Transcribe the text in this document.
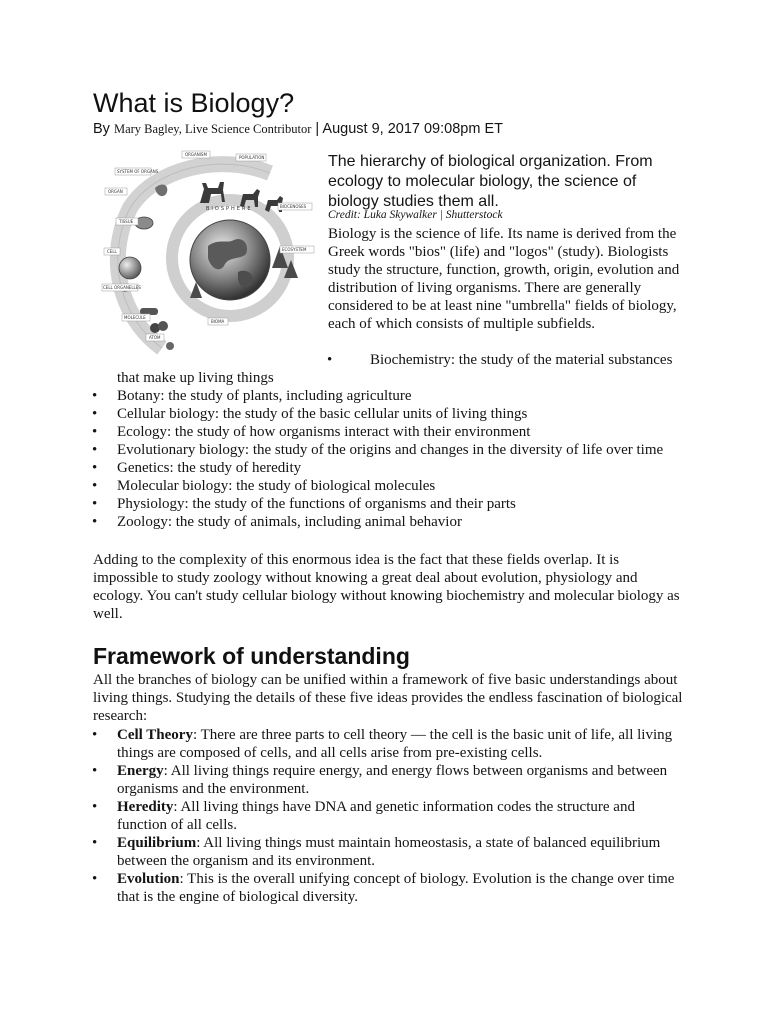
What is Biology?
By Mary Bagley, Live Science Contributor | August 9, 2017 09:08pm ET
ORGANISM
POPULATION
SYSTEM OF ORGANS
ORGAN
BIOCENOSES
TISSUE
ECOSYSTEM
CELL
CELL ORGANELLES
MOLECULE
ATOM
BIOMA
BIOSPHERE

The hierarchy of biological organization. From ecology to molecular biology, the science of biology studies them all.

Credit: Luka Skywalker | Shutterstock

Biology is the science of life. Its name is derived from the Greek words "bios" (life) and "logos" (study). Biologists study the structure, function, growth, origin, evolution and distribution of living organisms. There are generally considered to be at least nine "umbrella" fields of biology, each of which consists of multiple subfields.

•	Biochemistry: the study of the material substances that make up living things
• Botany: the study of plants, including agriculture
• Cellular biology: the study of the basic cellular units of living things
• Ecology: the study of how organisms interact with their environment
• Evolutionary biology: the study of the origins and changes in the diversity of life over time
• Genetics: the study of heredity
• Molecular biology: the study of biological molecules
• Physiology: the study of the functions of organisms and their parts
• Zoology: the study of animals, including animal behavior

Adding to the complexity of this enormous idea is the fact that these fields overlap. It is impossible to study zoology without knowing a great deal about evolution, physiology and ecology. You can't study cellular biology without knowing biochemistry and molecular biology as well.

Framework of understanding

All the branches of biology can be unified within a framework of five basic understandings about living things. Studying the details of these five ideas provides the endless fascination of biological research:

• Cell Theory: There are three parts to cell theory — the cell is the basic unit of life, all living things are composed of cells, and all cells arise from pre-existing cells.
• Energy: All living things require energy, and energy flows between organisms and between organisms and the environment.
• Heredity: All living things have DNA and genetic information codes the structure and function of all cells.
• Equilibrium: All living things must maintain homeostasis, a state of balanced equilibrium between the organism and its environment.
• Evolution: This is the overall unifying concept of biology. Evolution is the change over time that is the engine of biological diversity.
